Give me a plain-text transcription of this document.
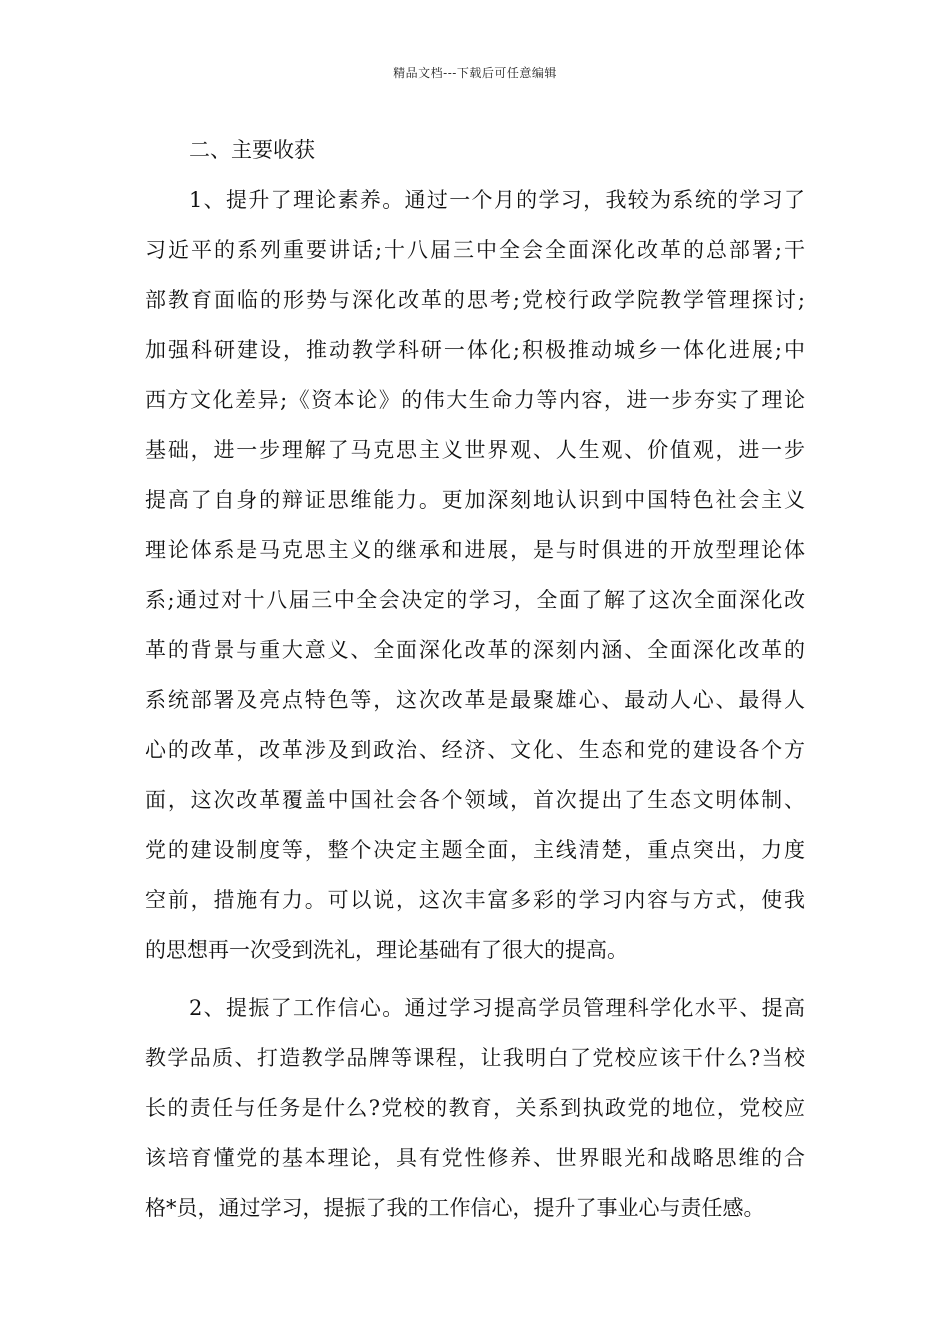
精品文档---下载后可任意编辑
二、主要收获
1、提升了理论素养。通过一个月的学习，我较为系统的学习了
习近平的系列重要讲话;十八届三中全会全面深化改革的总部署;干
部教育面临的形势与深化改革的思考;党校行政学院教学管理探讨;
加强科研建设，推动教学科研一体化;积极推动城乡一体化进展;中
西方文化差异;《资本论》的伟大生命力等内容，进一步夯实了理论
基础，进一步理解了马克思主义世界观、人生观、价值观，进一步
提高了自身的辩证思维能力。更加深刻地认识到中国特色社会主义
理论体系是马克思主义的继承和进展，是与时俱进的开放型理论体
系;通过对十八届三中全会决定的学习，全面了解了这次全面深化改
革的背景与重大意义、全面深化改革的深刻内涵、全面深化改革的
系统部署及亮点特色等，这次改革是最聚雄心、最动人心、最得人
心的改革，改革涉及到政治、经济、文化、生态和党的建设各个方
面，这次改革覆盖中国社会各个领域，首次提出了生态文明体制、
党的建设制度等，整个决定主题全面，主线清楚，重点突出，力度
空前，措施有力。可以说，这次丰富多彩的学习内容与方式，使我
的思想再一次受到洗礼，理论基础有了很大的提高。
2、提振了工作信心。通过学习提高学员管理科学化水平、提高
教学品质、打造教学品牌等课程，让我明白了党校应该干什么?当校
长的责任与任务是什么?党校的教育，关系到执政党的地位，党校应
该培育懂党的基本理论，具有党性修养、世界眼光和战略思维的合
格*员，通过学习，提振了我的工作信心，提升了事业心与责任感。
